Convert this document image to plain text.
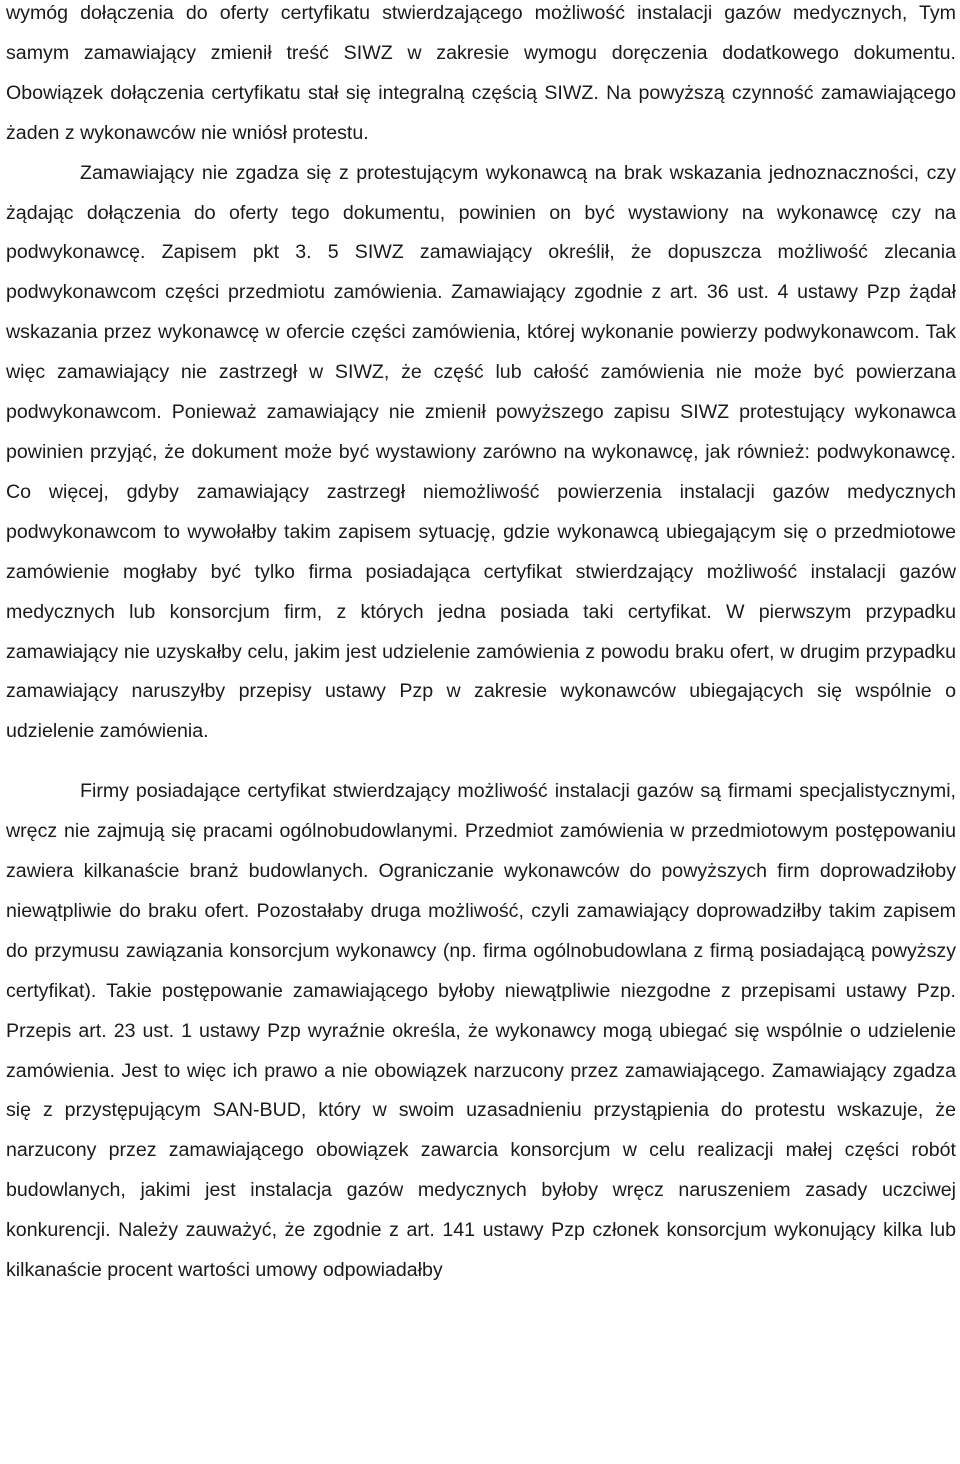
wymóg dołączenia do oferty certyfikatu stwierdzającego możliwość instalacji gazów medycznych, Tym samym zamawiający zmienił treść SIWZ w zakresie wymogu doręczenia dodatkowego dokumentu. Obowiązek dołączenia certyfikatu stał się integralną częścią SIWZ. Na powyższą czynność zamawiającego żaden z wykonawców nie wniósł protestu.

Zamawiający nie zgadza się z protestującym wykonawcą na brak wskazania jednoznaczności, czy żądając dołączenia do oferty tego dokumentu, powinien on być wystawiony na wykonawcę czy na podwykonawcę. Zapisem pkt 3. 5 SIWZ zamawiający określił, że dopuszcza możliwość zlecania podwykonawcom części przedmiotu zamówienia. Zamawiający zgodnie z art. 36 ust. 4 ustawy Pzp żądał wskazania przez wykonawcę w ofercie części zamówienia, której wykonanie powierzy podwykonawcom. Tak więc zamawiający nie zastrzegł w SIWZ, że część lub całość zamówienia nie może być powierzana podwykonawcom. Ponieważ zamawiający nie zmienił powyższego zapisu SIWZ protestujący wykonawca powinien przyjąć, że dokument może być wystawiony zarówno na wykonawcę, jak również: podwykonawcę. Co więcej, gdyby zamawiający zastrzegł niemożliwość powierzenia instalacji gazów medycznych podwykonawcom to wywołałby takim zapisem sytuację, gdzie wykonawcą ubiegającym się o przedmiotowe zamówienie mogłaby być tylko firma posiadająca certyfikat stwierdzający możliwość instalacji gazów medycznych lub konsorcjum firm, z których jedna posiada taki certyfikat. W pierwszym przypadku zamawiający nie uzyskałby celu, jakim jest udzielenie zamówienia z powodu braku ofert, w drugim przypadku zamawiający naruszyłby przepisy ustawy Pzp w zakresie wykonawców ubiegających się wspólnie o udzielenie zamówienia.

Firmy posiadające certyfikat stwierdzający możliwość instalacji gazów są firmami specjalistycznymi, wręcz nie zajmują się pracami ogólnobudowlanymi. Przedmiot zamówienia w przedmiotowym postępowaniu zawiera kilkanaście branż budowlanych. Ograniczanie wykonawców do powyższych firm doprowadziłoby niewątpliwie do braku ofert. Pozostałaby druga możliwość, czyli zamawiający doprowadziłby takim zapisem do przymusu zawiązania konsorcjum wykonawcy (np. firma ogólnobudowlana z firmą posiadającą powyższy certyfikat). Takie postępowanie zamawiającego byłoby niewątpliwie niezgodne z przepisami ustawy Pzp. Przepis art. 23 ust. 1 ustawy Pzp wyraźnie określa, że wykonawcy mogą ubiegać się wspólnie o udzielenie zamówienia. Jest to więc ich prawo a nie obowiązek narzucony przez zamawiającego. Zamawiający zgadza się z przystępującym SAN-BUD, który w swoim uzasadnieniu przystąpienia do protestu wskazuje, że narzucony przez zamawiającego obowiązek zawarcia konsorcjum w celu realizacji małej części robót budowlanych, jakimi jest instalacja gazów medycznych byłoby wręcz naruszeniem zasady uczciwej konkurencji. Należy zauważyć, że zgodnie z art. 141 ustawy Pzp członek konsorcjum wykonujący kilka lub kilkanaście procent wartości umowy odpowiadałby
